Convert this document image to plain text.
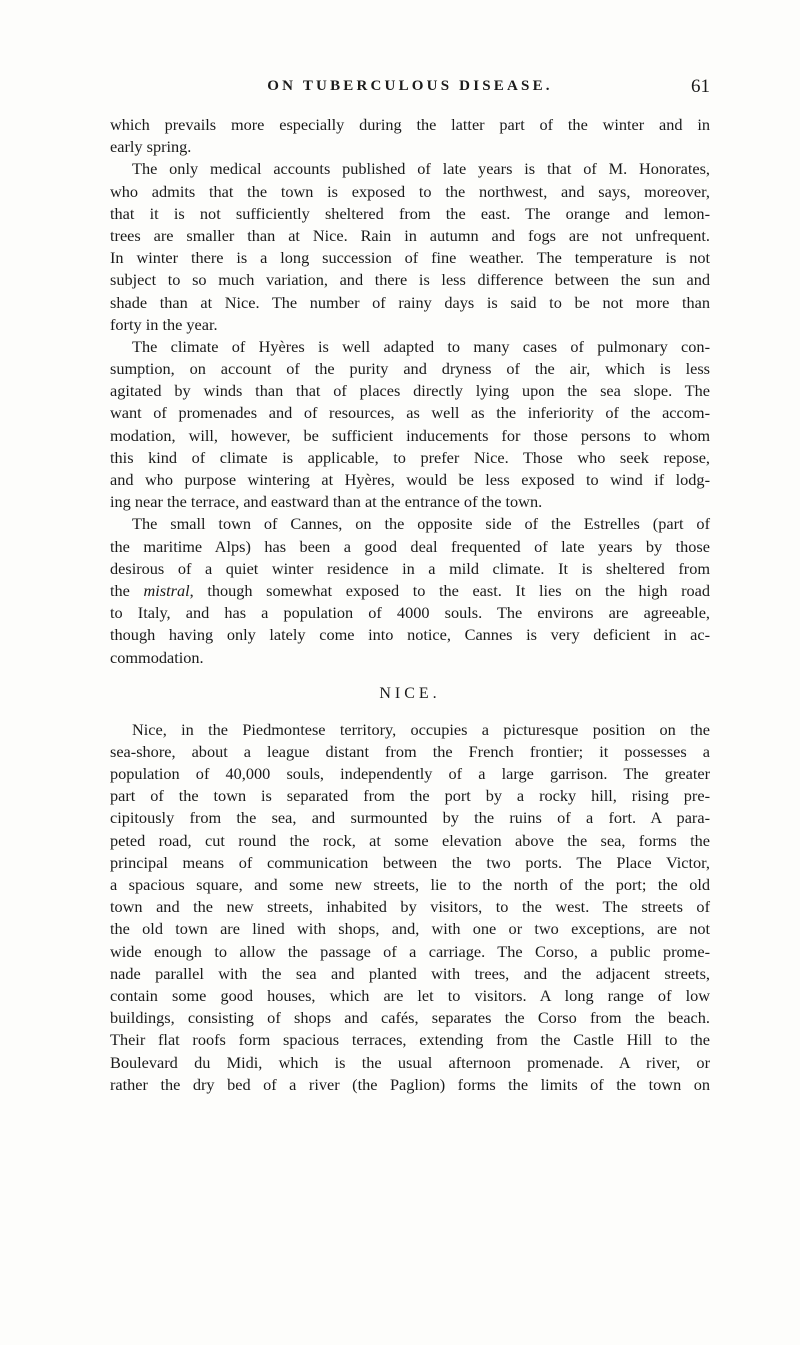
ON TUBERCULOUS DISEASE.	61
which prevails more especially during the latter part of the winter and in
early spring.
The only medical accounts published of late years is that of M. Honorates,
who admits that the town is exposed to the northwest, and says, moreover,
that it is not sufficiently sheltered from the east. The orange and lemon-
trees are smaller than at Nice. Rain in autumn and fogs are not unfrequent.
In winter there is a long succession of fine weather. The temperature is not
subject to so much variation, and there is less difference between the sun and
shade than at Nice. The number of rainy days is said to be not more than
forty in the year.
The climate of Hyères is well adapted to many cases of pulmonary con-
sumption, on account of the purity and dryness of the air, which is less
agitated by winds than that of places directly lying upon the sea slope. The
want of promenades and of resources, as well as the inferiority of the accom-
modation, will, however, be sufficient inducements for those persons to whom
this kind of climate is applicable, to prefer Nice. Those who seek repose,
and who purpose wintering at Hyères, would be less exposed to wind if lodg-
ing near the terrace, and eastward than at the entrance of the town.
The small town of Cannes, on the opposite side of the Estrelles (part of
the maritime Alps) has been a good deal frequented of late years by those
desirous of a quiet winter residence in a mild climate. It is sheltered from
the mistral, though somewhat exposed to the east. It lies on the high road
to Italy, and has a population of 4000 souls. The environs are agreeable,
though having only lately come into notice, Cannes is very deficient in ac-
commodation.
NICE.
Nice, in the Piedmontese territory, occupies a picturesque position on the
sea-shore, about a league distant from the French frontier; it possesses a
population of 40,000 souls, independently of a large garrison. The greater
part of the town is separated from the port by a rocky hill, rising pre-
cipitously from the sea, and surmounted by the ruins of a fort. A para-
peted road, cut round the rock, at some elevation above the sea, forms the
principal means of communication between the two ports. The Place Victor,
a spacious square, and some new streets, lie to the north of the port; the old
town and the new streets, inhabited by visitors, to the west. The streets of
the old town are lined with shops, and, with one or two exceptions, are not
wide enough to allow the passage of a carriage. The Corso, a public prome-
nade parallel with the sea and planted with trees, and the adjacent streets,
contain some good houses, which are let to visitors. A long range of low
buildings, consisting of shops and cafés, separates the Corso from the beach.
Their flat roofs form spacious terraces, extending from the Castle Hill to the
Boulevard du Midi, which is the usual afternoon promenade. A river, or
rather the dry bed of a river (the Paglion) forms the limits of the town on
